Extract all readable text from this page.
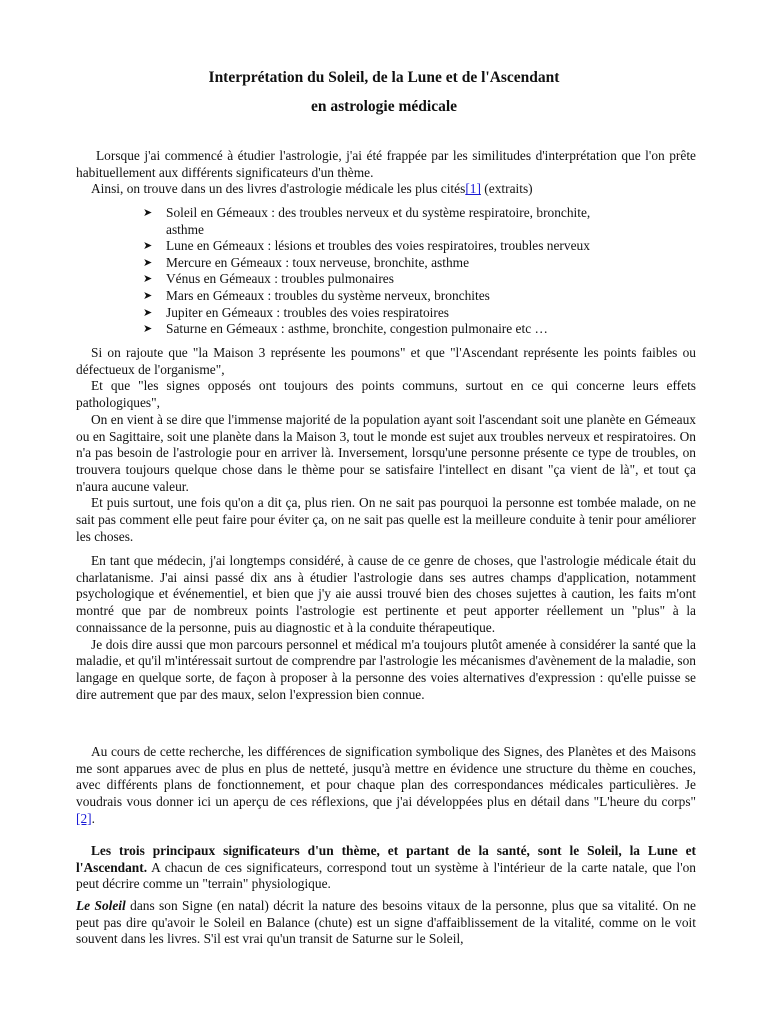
Interprétation du Soleil, de la Lune et de l'Ascendant
en astrologie médicale
Lorsque j'ai commencé à étudier l'astrologie, j'ai été frappée par les similitudes d'interprétation que l'on prête habituellement aux différents significateurs d'un thème.
Ainsi, on trouve dans un des livres d'astrologie médicale les plus cités[1] (extraits)
➤ Soleil en Gémeaux : des troubles nerveux et du système respiratoire, bronchite,
asthme
➤ Lune en Gémeaux : lésions et troubles des voies respiratoires, troubles nerveux
➤ Mercure en Gémeaux : toux nerveuse, bronchite, asthme
➤ Vénus en Gémeaux : troubles pulmonaires
➤ Mars en Gémeaux : troubles du système nerveux, bronchites
➤ Jupiter en Gémeaux : troubles des voies respiratoires
➤ Saturne en Gémeaux : asthme, bronchite, congestion pulmonaire etc …
Si on rajoute que "la Maison 3 représente les poumons" et que "l'Ascendant représente les points faibles ou défectueux de l'organisme",
Et que "les signes opposés ont toujours des points communs, surtout en ce qui concerne leurs effets pathologiques",
On en vient à se dire que l'immense majorité de la population ayant soit l'ascendant soit une planète en Gémeaux ou en Sagittaire, soit une planète dans la Maison 3, tout le monde est sujet aux troubles nerveux et respiratoires. On n'a pas besoin de l'astrologie pour en arriver là. Inversement, lorsqu'une personne présente ce type de troubles, on trouvera toujours quelque chose dans le thème pour se satisfaire l'intellect en disant "ça vient de là", et tout ça n'aura aucune valeur.
Et puis surtout, une fois qu'on a dit ça, plus rien. On ne sait pas pourquoi la personne est tombée malade, on ne sait pas comment elle peut faire pour éviter ça, on ne sait pas quelle est la meilleure conduite à tenir pour améliorer les choses.
En tant que médecin, j'ai longtemps considéré, à cause de ce genre de choses, que l'astrologie médicale était du charlatanisme. J'ai ainsi passé dix ans à étudier l'astrologie dans ses autres champs d'application, notamment psychologique et événementiel, et bien que j'y aie aussi trouvé bien des choses sujettes à caution, les faits m'ont montré que par de nombreux points l'astrologie est pertinente et peut apporter réellement un "plus" à la connaissance de la personne, puis au diagnostic et à la conduite thérapeutique.
Je dois dire aussi que mon parcours personnel et médical m'a toujours plutôt amenée à considérer la santé que la maladie, et qu'il m'intéressait surtout de comprendre par l'astrologie les mécanismes d'avènement de la maladie, son langage en quelque sorte, de façon à proposer à la personne des voies alternatives d'expression : qu'elle puisse se dire autrement que par des maux, selon l'expression bien connue.
Au cours de cette recherche, les différences de signification symbolique des Signes, des Planètes et des Maisons me sont apparues avec de plus en plus de netteté, jusqu'à mettre en évidence une structure du thème en couches, avec différents plans de fonctionnement, et pour chaque plan des correspondances médicales particulières. Je voudrais vous donner ici un aperçu de ces réflexions, que j'ai développées plus en détail dans "L'heure du corps"[2].
Les trois principaux significateurs d'un thème, et partant de la santé, sont le Soleil, la Lune et l'Ascendant. A chacun de ces significateurs, correspond tout un système à l'intérieur de la carte natale, que l'on peut décrire comme un "terrain" physiologique.
Le Soleil dans son Signe (en natal) décrit la nature des besoins vitaux de la personne, plus que sa vitalité. On ne peut pas dire qu'avoir le Soleil en Balance (chute) est un signe d'affaiblissement de la vitalité, comme on le voit souvent dans les livres. S'il est vrai qu'un transit de Saturne sur le Soleil,
